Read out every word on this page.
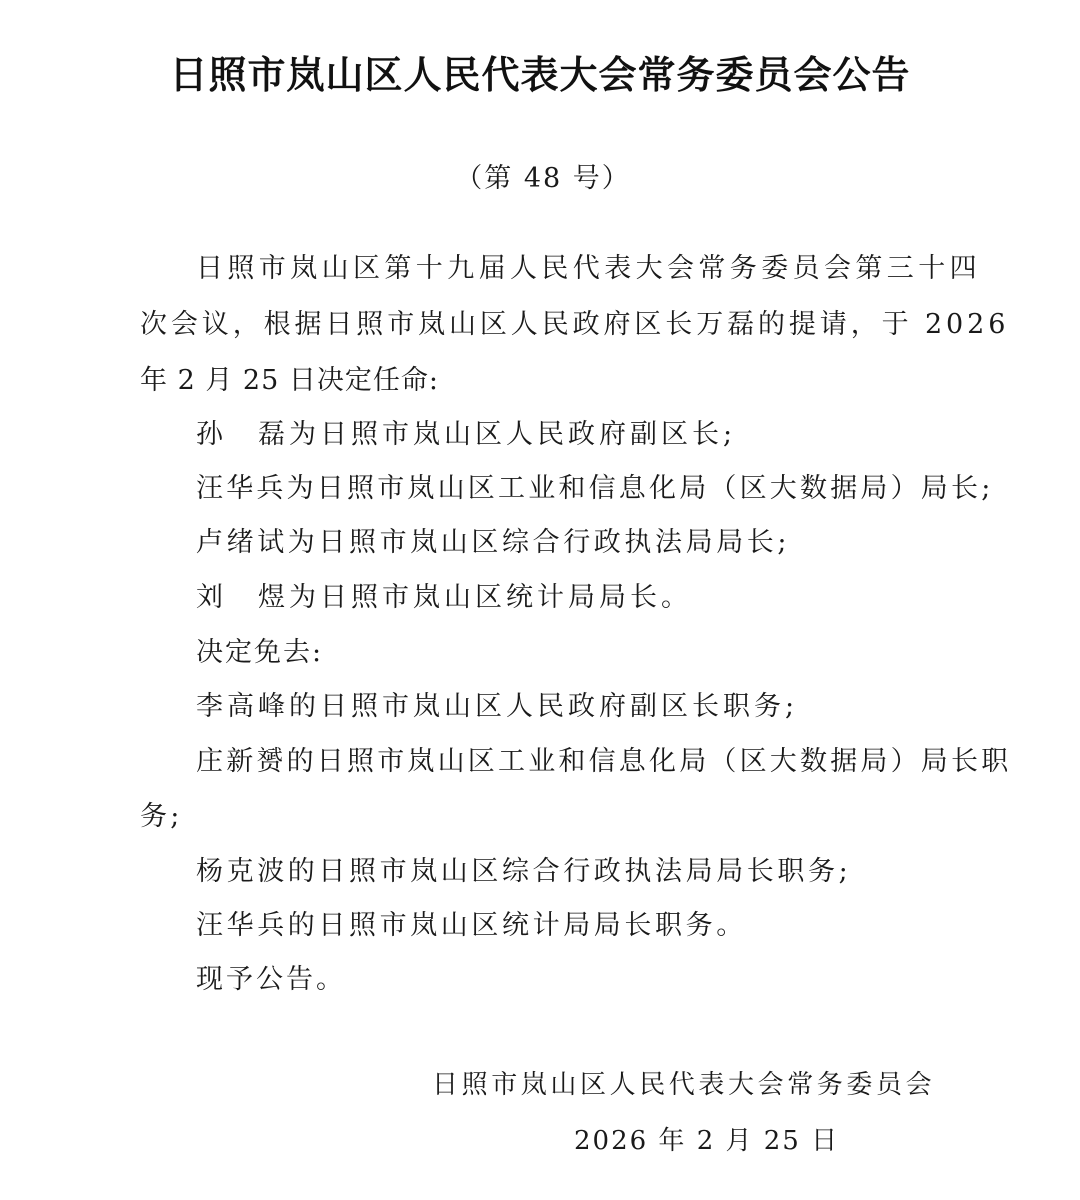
日照市岚山区人民代表大会常务委员会公告
（第 48 号）
日照市岚山区第十九届人民代表大会常务委员会第三十四
次会议，根据日照市岚山区人民政府区长万磊的提请，于 2026
年 2 月 25 日决定任命:
孙　磊为日照市岚山区人民政府副区长;
汪华兵为日照市岚山区工业和信息化局（区大数据局）局长;
卢绪试为日照市岚山区综合行政执法局局长;
刘　煜为日照市岚山区统计局局长。
决定免去:
李高峰的日照市岚山区人民政府副区长职务;
庄新赟的日照市岚山区工业和信息化局（区大数据局）局长职
务;
杨克波的日照市岚山区综合行政执法局局长职务;
汪华兵的日照市岚山区统计局局长职务。
现予公告。
日照市岚山区人民代表大会常务委员会
2026 年 2 月 25 日
